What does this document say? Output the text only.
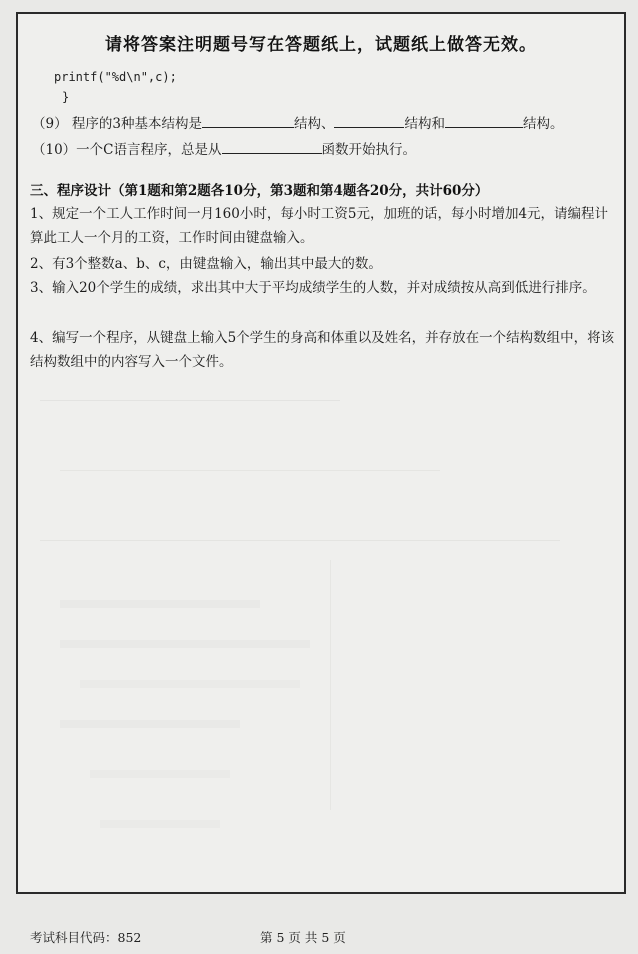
请将答案注明题号写在答题纸上，试题纸上做答无效。
printf("%d\n",c);
}
（9） 程序的3种基本结构是	结构、	结构和	结构。
（10）一个C语言程序，总是从	函数开始执行。
三、程序设计（第1题和第2题各10分，第3题和第4题各20分，共计60分）
1、规定一个工人工作时间一月160小时，每小时工资5元，加班的话，每小时增加4元，请编程计算此工人一个月的工资，工作时间由键盘输入。
2、有3个整数a、b、c，由键盘输入，输出其中最大的数。
3、输入20个学生的成绩，求出其中大于平均成绩学生的人数，并对成绩按从高到低进行排序。
4、编写一个程序，从键盘上输入5个学生的身高和体重以及姓名，并存放在一个结构数组中，将该结构数组中的内容写入一个文件。
考试科目代码：852	第 5 页 共 5 页
